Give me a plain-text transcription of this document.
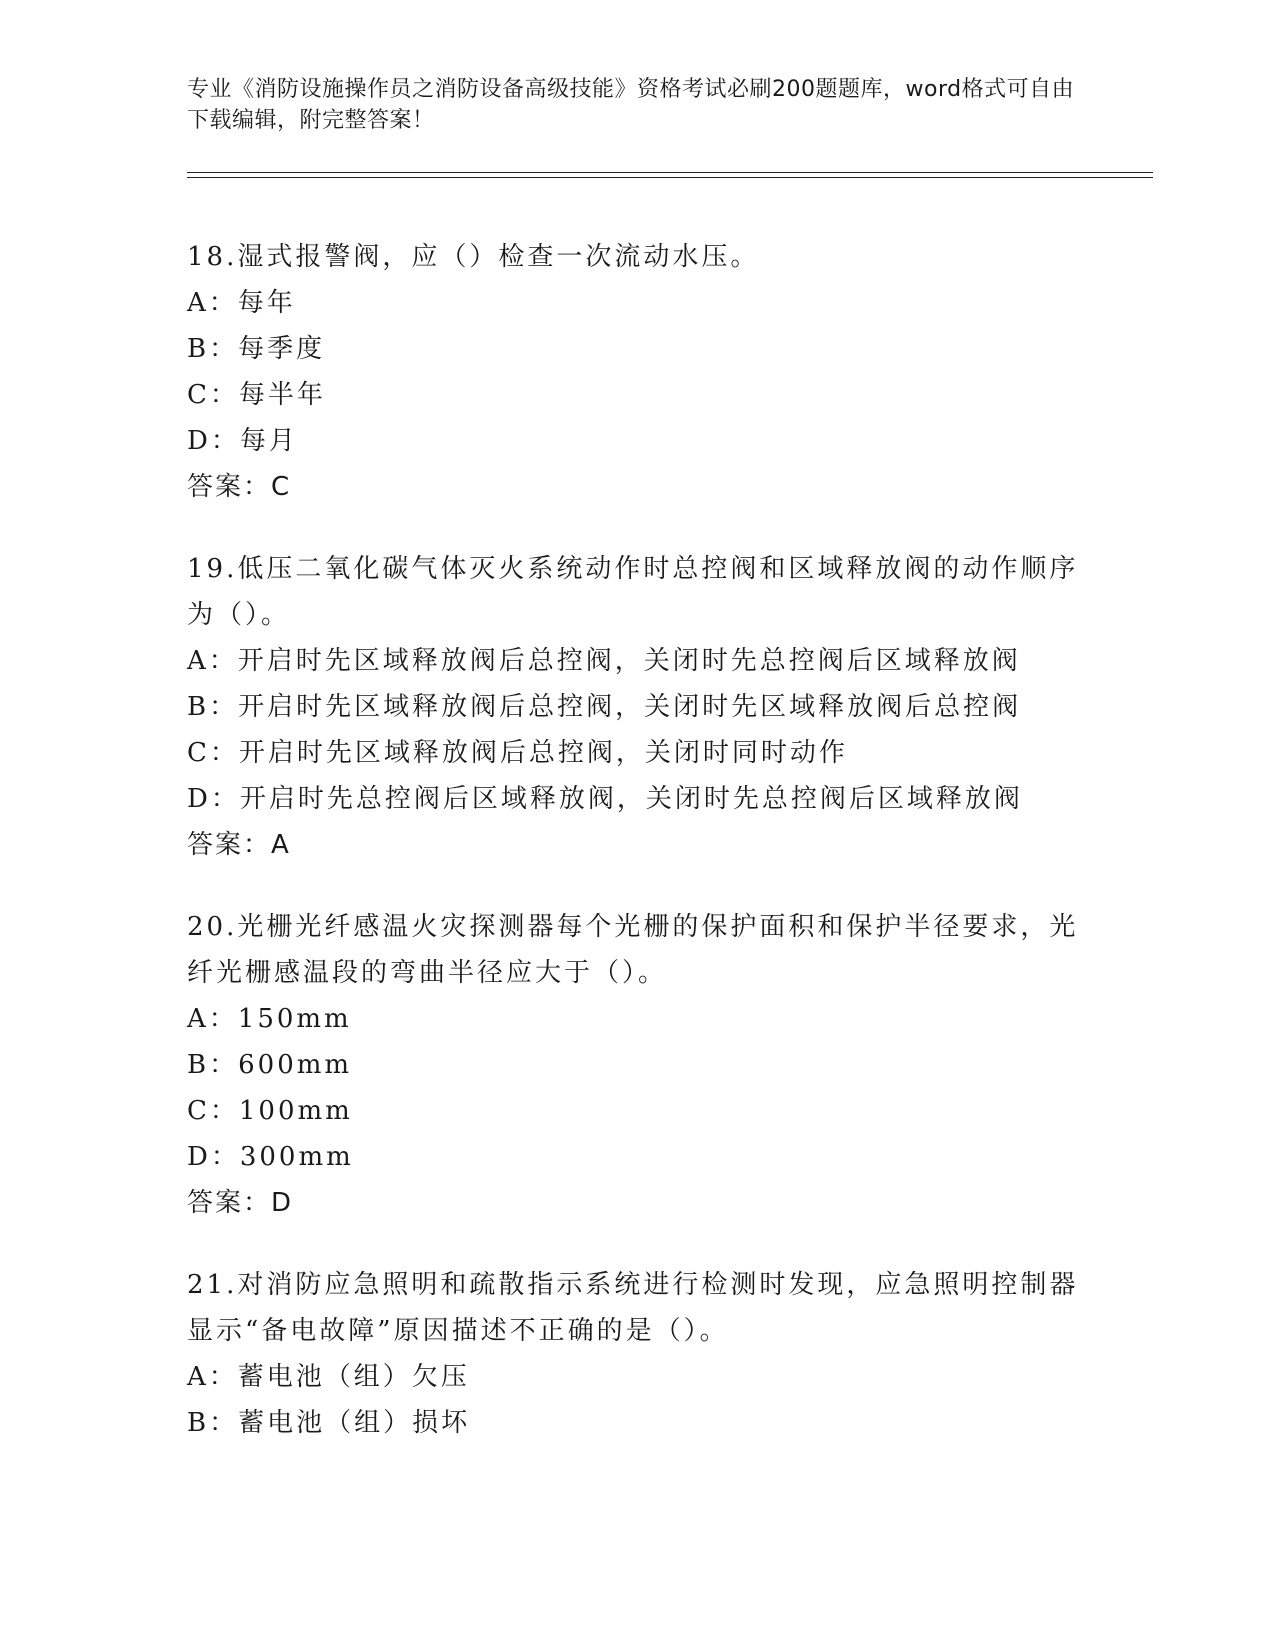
专业《消防设施操作员之消防设备高级技能》资格考试必刷200题题库，word格式可自由下载编辑，附完整答案！

18.湿式报警阀，应（）检查一次流动水压。

A：每年

B：每季度

C：每半年

D：每月

答案：C

19.低压二氧化碳气体灭火系统动作时总控阀和区域释放阀的动作顺序为（）。

A：开启时先区域释放阀后总控阀，关闭时先总控阀后区域释放阀

B：开启时先区域释放阀后总控阀，关闭时先区域释放阀后总控阀

C：开启时先区域释放阀后总控阀，关闭时同时动作

D：开启时先总控阀后区域释放阀，关闭时先总控阀后区域释放阀

答案：A

20.光栅光纤感温火灾探测器每个光栅的保护面积和保护半径要求，光纤光栅感温段的弯曲半径应大于（）。

A：150mm

B：600mm

C：100mm

D：300mm

答案：D

21.对消防应急照明和疏散指示系统进行检测时发现，应急照明控制器显示“备电故障”原因描述不正确的是（）。

A：蓄电池（组）欠压

B：蓄电池（组）损坏
